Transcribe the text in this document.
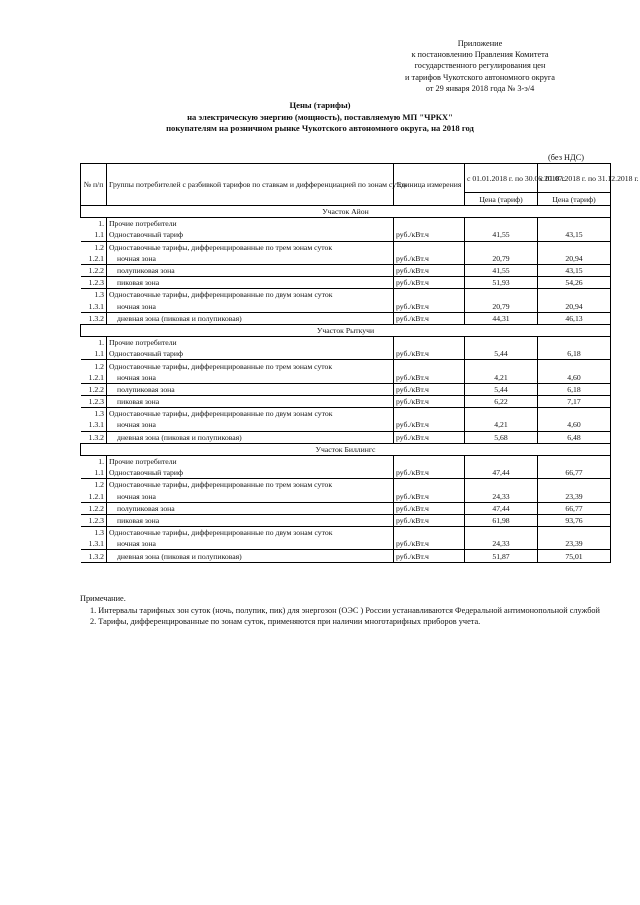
Приложение
к постановлению Правления Комитета
государственного регулирования цен
и тарифов Чукотского автономного округа
от 29 января 2018 года № 3-э/4
Цены (тарифы)
на электрическую энергию (мощность), поставляемую МП "ЧРКХ"
покупателям на розничном рынке Чукотского автономного округа, на 2018 год
(без НДС)
№ п/п	Группы потребителей с разбивкой тарифов по ставкам и дифференциацией по зонам суток	Единица измерения	с 01.01.2018 г. по 30.06.2018 г.	с 01.07.2018 г. по 31.12.2018 г.
			Цена (тариф)	Цена (тариф)
Участок Айон				
1.	Прочие потребители			
1.1	Одноставочный тариф	руб./кВт.ч	41,55	43,15
1.2	Одноставочные тарифы, дифференцированные по трем зонам суток			
1.2.1	ночная зона	руб./кВт.ч	20,79	20,94
1.2.2	полупиковая зона	руб./кВт.ч	41,55	43,15
1.2.3	пиковая зона	руб./кВт.ч	51,93	54,26
1.3	Одноставочные тарифы, дифференцированные по двум зонам суток			
1.3.1	ночная зона	руб./кВт.ч	20,79	20,94
1.3.2	дневная зона (пиковая и полупиковая)	руб./кВт.ч	44,31	46,13
Участок Рыткучи				
1.	Прочие потребители			
1.1	Одноставочный тариф	руб./кВт.ч	5,44	6,18
1.2	Одноставочные тарифы, дифференцированные по трем зонам суток			
1.2.1	ночная зона	руб./кВт.ч	4,21	4,60
1.2.2	полупиковая зона	руб./кВт.ч	5,44	6,18
1.2.3	пиковая зона	руб./кВт.ч	6,22	7,17
1.3	Одноставочные тарифы, дифференцированные по двум зонам суток			
1.3.1	ночная зона	руб./кВт.ч	4,21	4,60
1.3.2	дневная зона (пиковая и полупиковая)	руб./кВт.ч	5,68	6,48
Участок Биллингс				
1.	Прочие потребители			
1.1	Одноставочный тариф	руб./кВт.ч	47,44	66,77
1.2	Одноставочные тарифы, дифференцированные по трем зонам суток			
1.2.1	ночная зона	руб./кВт.ч	24,33	23,39
1.2.2	полупиковая зона	руб./кВт.ч	47,44	66,77
1.2.3	пиковая зона	руб./кВт.ч	61,98	93,76
1.3	Одноставочные тарифы, дифференцированные по двум зонам суток			
1.3.1	ночная зона	руб./кВт.ч	24,33	23,39
1.3.2	дневная зона (пиковая и полупиковая)	руб./кВт.ч	51,87	75,01

Примечание.

1. Интервалы тарифных зон суток (ночь, полупик, пик) для энергозон (ОЭС ) России устанавливаются Федеральной антимонопольной службой

2. Тарифы, дифференцированные по зонам суток, применяются при наличии многотарифных приборов учета.
